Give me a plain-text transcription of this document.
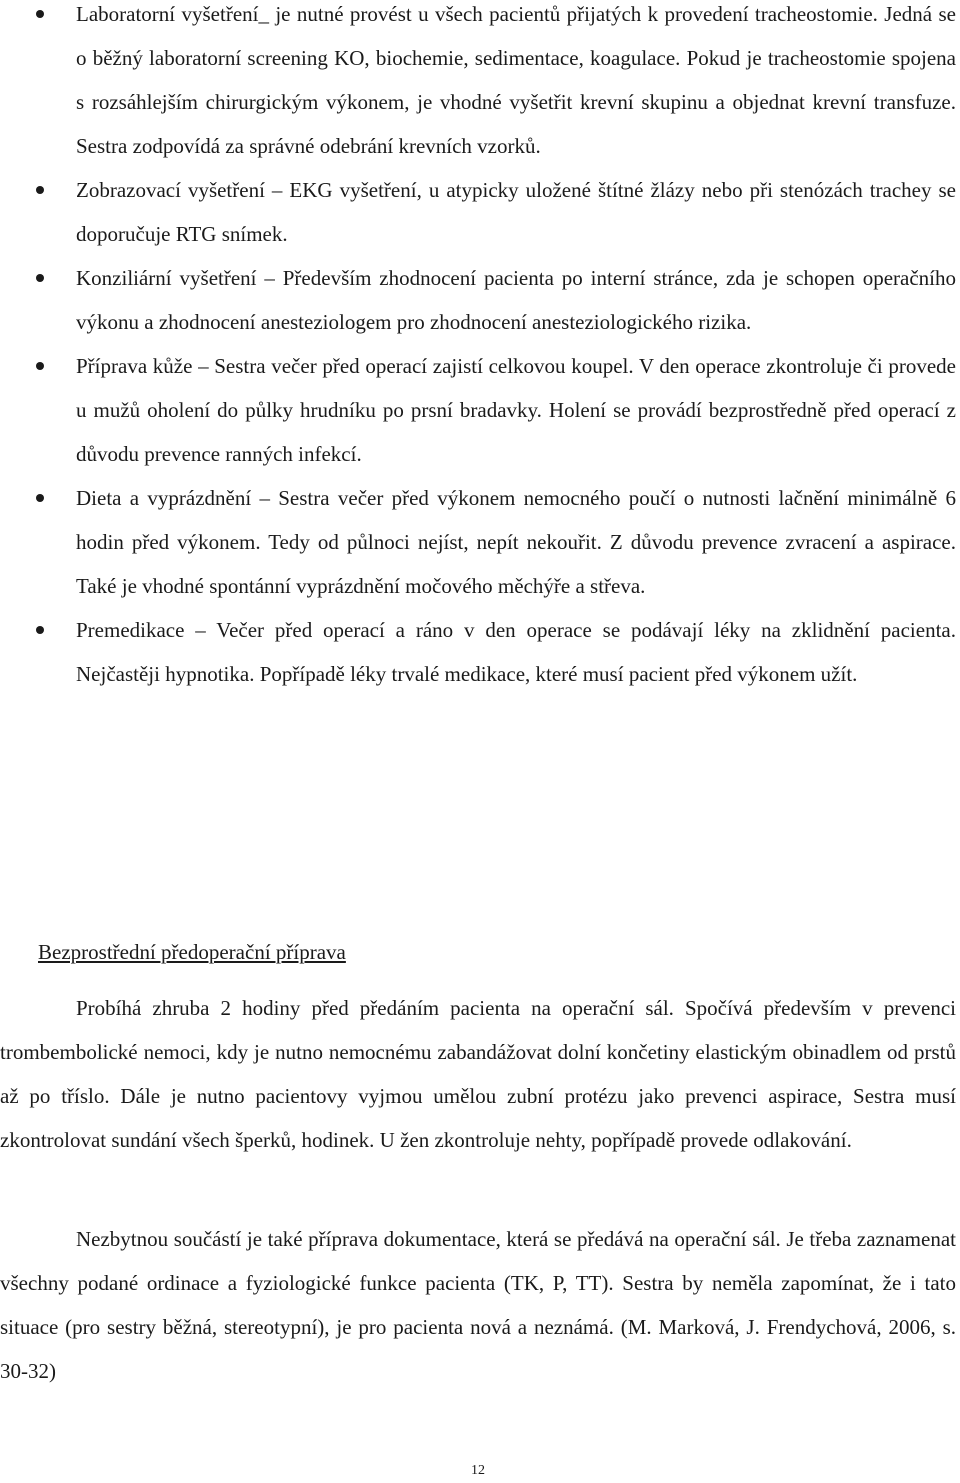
Laboratorní vyšetření_ je nutné provést u všech pacientů přijatých k provedení tracheostomie. Jedná se o běžný laboratorní screening KO, biochemie, sedimentace, koagulace. Pokud je tracheostomie spojena s rozsáhlejším chirurgickým výkonem, je vhodné vyšetřit krevní skupinu a objednat krevní transfuze. Sestra zodpovídá za správné odebrání krevních vzorků.
Zobrazovací vyšetření – EKG vyšetření, u atypicky uložené štítné žlázy nebo při stenózách trachey se doporučuje RTG snímek.
Konziliární vyšetření – Především zhodnocení pacienta po interní stránce, zda je schopen operačního výkonu a zhodnocení anesteziologem pro zhodnocení anesteziologického rizika.
Příprava kůže – Sestra večer před operací zajistí celkovou koupel. V den operace zkontroluje či provede u mužů oholení do půlky hrudníku po prsní bradavky. Holení se provádí bezprostředně před operací z důvodu prevence ranných infekcí.
Dieta a vyprázdnění – Sestra večer před výkonem nemocného poučí o nutnosti lačnění minimálně 6 hodin před výkonem. Tedy od půlnoci nejíst, nepít nekouřit. Z důvodu prevence zvracení a aspirace. Také je vhodné spontánní vyprázdnění močového měchýře a střeva.
Premedikace – Večer před operací a ráno v den operace se podávají léky na zklidnění pacienta. Nejčastěji hypnotika. Popřípadě léky trvalé medikace, které musí pacient před výkonem užít.
Bezprostřední předoperační příprava

Probíhá zhruba 2 hodiny před předáním pacienta na operační sál. Spočívá především v prevenci trombembolické nemoci, kdy je nutno nemocnému zabandážovat dolní končetiny elastickým obinadlem od prstů až po tříslo. Dále je nutno pacientovy vyjmou umělou zubní protézu jako prevenci aspirace, Sestra musí zkontrolovat sundání všech šperků, hodinek. U žen zkontroluje nehty, popřípadě provede odlakování.

Nezbytnou součástí je také příprava dokumentace, která se předává na operační sál. Je třeba zaznamenat všechny podané ordinace a fyziologické funkce pacienta (TK, P, TT). Sestra by neměla zapomínat, že i tato situace (pro sestry běžná, stereotypní), je pro pacienta nová a neznámá. (M. Marková, J. Frendychová, 2006, s. 30-32)

12
